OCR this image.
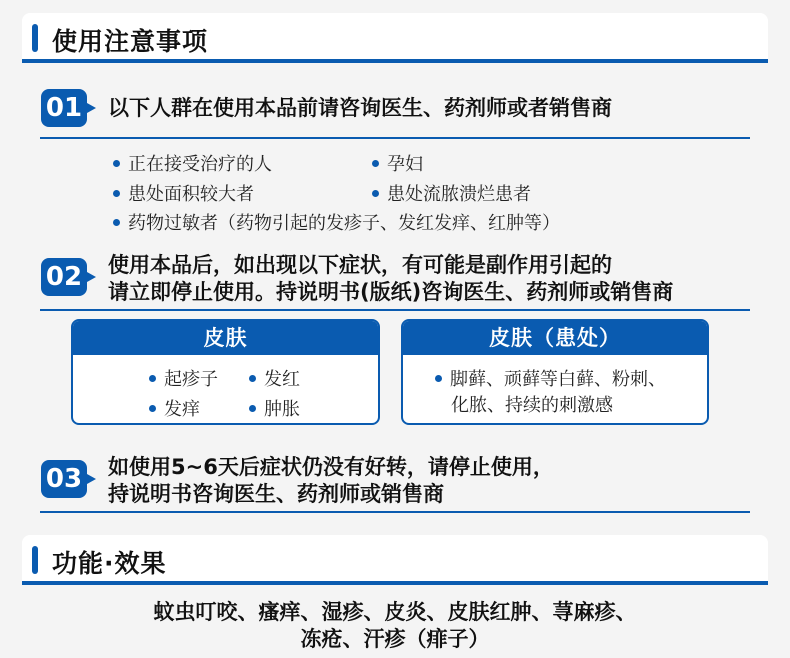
使用注意事项
01 以下人群在使用本品前请咨询医生、药剂师或者销售商
正在接受治疗的人	孕妇
患处面积较大者	患处流脓溃烂患者
药物过敏者（药物引起的发疹子、发红发痒、红肿等）
02 使用本品后，如出现以下症状，有可能是副作用引起的
请立即停止使用。持说明书(版纸)咨询医生、药剂师或销售商
皮肤
起疹子	发红
发痒	肿胀
皮肤（患处）
脚藓、顽藓等白藓、粉刺、
化脓、持续的刺激感
03 如使用5~6天后症状仍没有好转，请停止使用，
持说明书咨询医生、药剂师或销售商
功能·效果
蚊虫叮咬、瘙痒、湿疹、皮炎、皮肤红肿、荨麻疹、
冻疮、汗疹（痱子）
